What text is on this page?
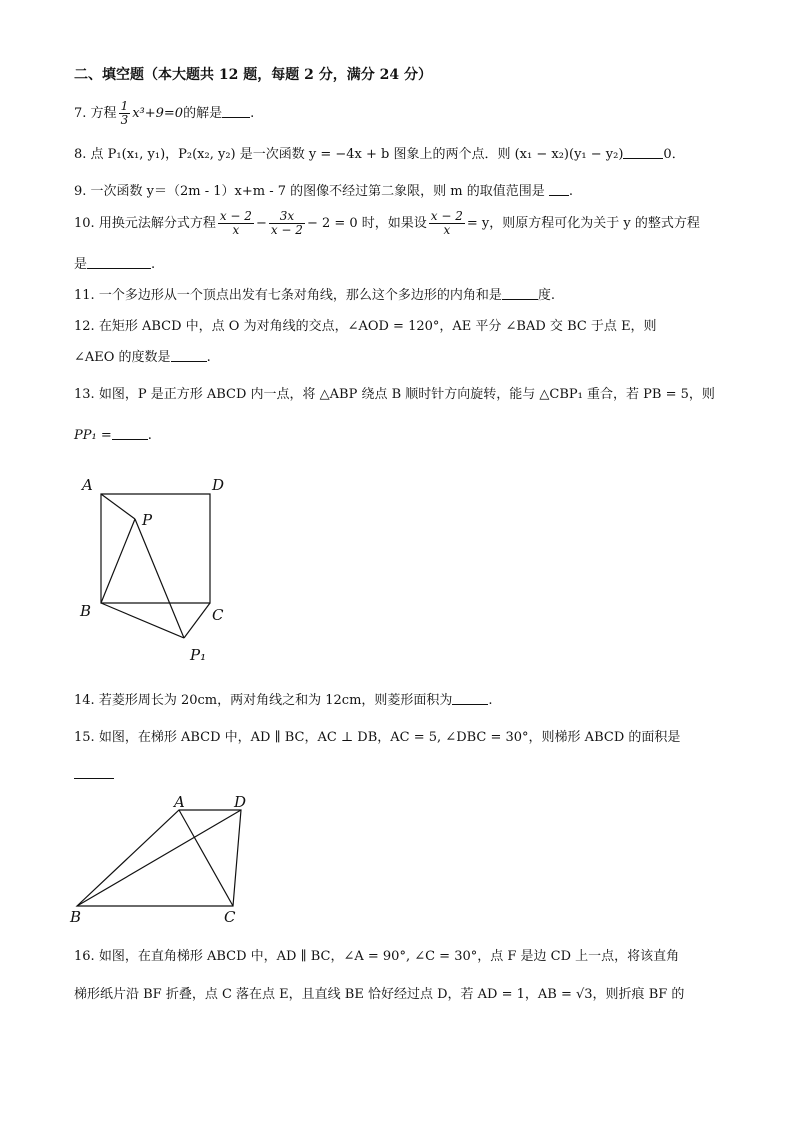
二、填空题（本大题共 12 题，每题 2 分，满分 24 分）
7. 方程 $\frac{1}{3} x^3+9=0$的解是 .
8. 点 P₁(x₁, y₁)，P₂(x₂, y₂) 是一次函数 y = −4x + b 图象上的两个点．则 (x₁ − x₂)(y₁ − y₂)	0．
9. 一次函数 y＝（2m - 1）x+m - 7 的图像不经过第二象限，则 m 的取值范围是 .
10. 用换元法解分式方程 $\frac{x - 2}{x} - \frac{3x}{x - 2} - 2 = 0$ 时，如果设 $\frac{x - 2}{x} = y$，则原方程可化为关于 y 的整式方程
是	.
11. 一个多边形从一个顶点出发有七条对角线，那么这个多边形的内角和是	度.
12. 在矩形 ABCD 中，点 O 为对角线的交点，∠AOD = 120°，AE 平分 ∠BAD 交 BC 于点 E，则
∠AEO 的度数是	.
13. 如图，P 是正方形 ABCD 内一点，将 △ABP 绕点 B 顺时针方向旋转，能与 △CBP₁ 重合，若 PB = 5，则
PP₁ =	.
A	D
P
B	C
P₁
14. 若菱形周长为 20cm，两对角线之和为 12cm，则菱形面积为	.
15. 如图，在梯形 ABCD 中，AD ∥ BC，AC ⊥ DB，AC = 5, ∠DBC = 30°，则梯形 ABCD 的面积是
A	D
B	C
16. 如图，在直角梯形 ABCD 中，AD ∥ BC，∠A = 90°, ∠C = 30°，点 F 是边 CD 上一点，将该直角
梯形纸片沿 BF 折叠，点 C 落在点 E，且直线 BE 恰好经过点 D，若 AD = 1，AB = √3，则折痕 BF 的
